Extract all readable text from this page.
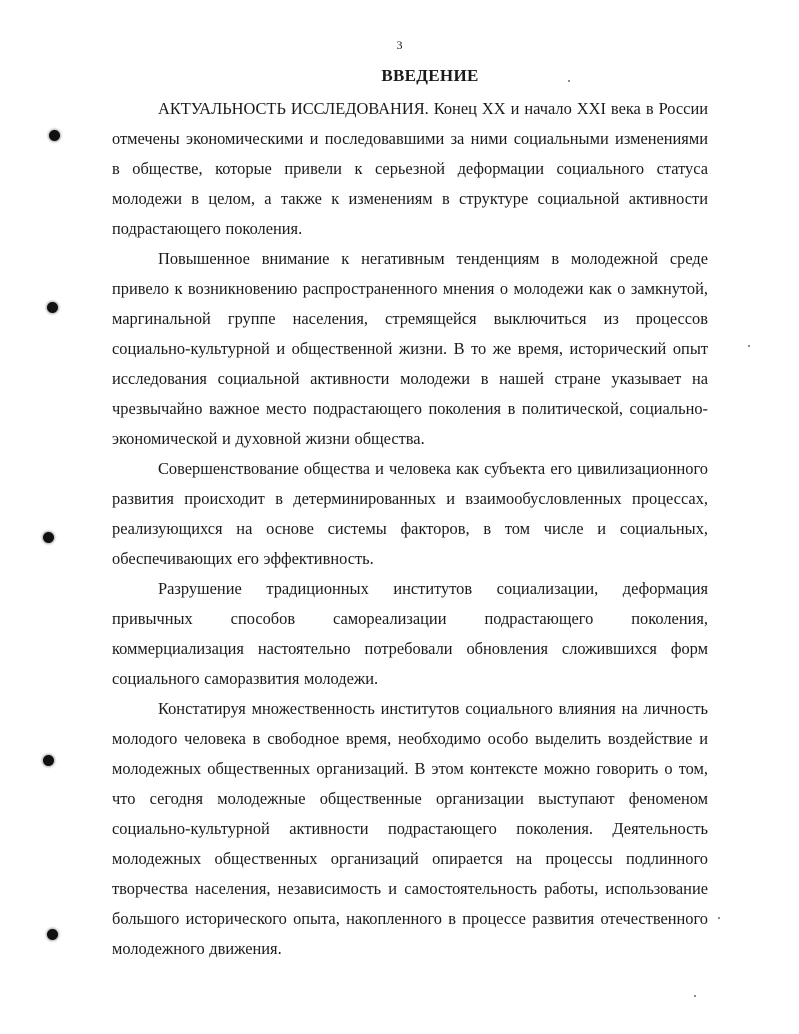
3
ВВЕДЕНИЕ

АКТУАЛЬНОСТЬ ИССЛЕДОВАНИЯ. Конец XX и начало XXI века в России отмечены экономическими и последовавшими за ними социальными изменениями в обществе, которые привели к серьезной деформации социального статуса молодежи в целом, а также к изменениям в структуре социальной активности подрастающего поколения.

Повышенное внимание к негативным тенденциям в молодежной среде привело к возникновению распространенного мнения о молодежи как о замкнутой, маргинальной группе населения, стремящейся выключиться из процессов социально-культурной и общественной жизни. В то же время, исторический опыт исследования социальной активности молодежи в нашей стране указывает на чрезвычайно важное место подрастающего поколения в политической, социально-экономической и духовной жизни общества.

Совершенствование общества и человека как субъекта его цивилизационного развития происходит в детерминированных и взаимообусловленных процессах, реализующихся на основе системы факторов, в том числе и социальных, обеспечивающих его эффективность.

Разрушение традиционных институтов социализации, деформация привычных способов самореализации подрастающего поколения, коммерциализация настоятельно потребовали обновления сложившихся форм социального саморазвития молодежи.

Констатируя множественность институтов социального влияния на личность молодого человека в свободное время, необходимо особо выделить воздействие и молодежных общественных организаций. В этом контексте можно говорить о том, что сегодня молодежные общественные организации выступают феноменом социально-культурной активности подрастающего поколения. Деятельность молодежных общественных организаций опирается на процессы подлинного творчества населения, независимость и самостоятельность работы, использование большого исторического опыта, накопленного в процессе развития отечественного молодежного движения.
